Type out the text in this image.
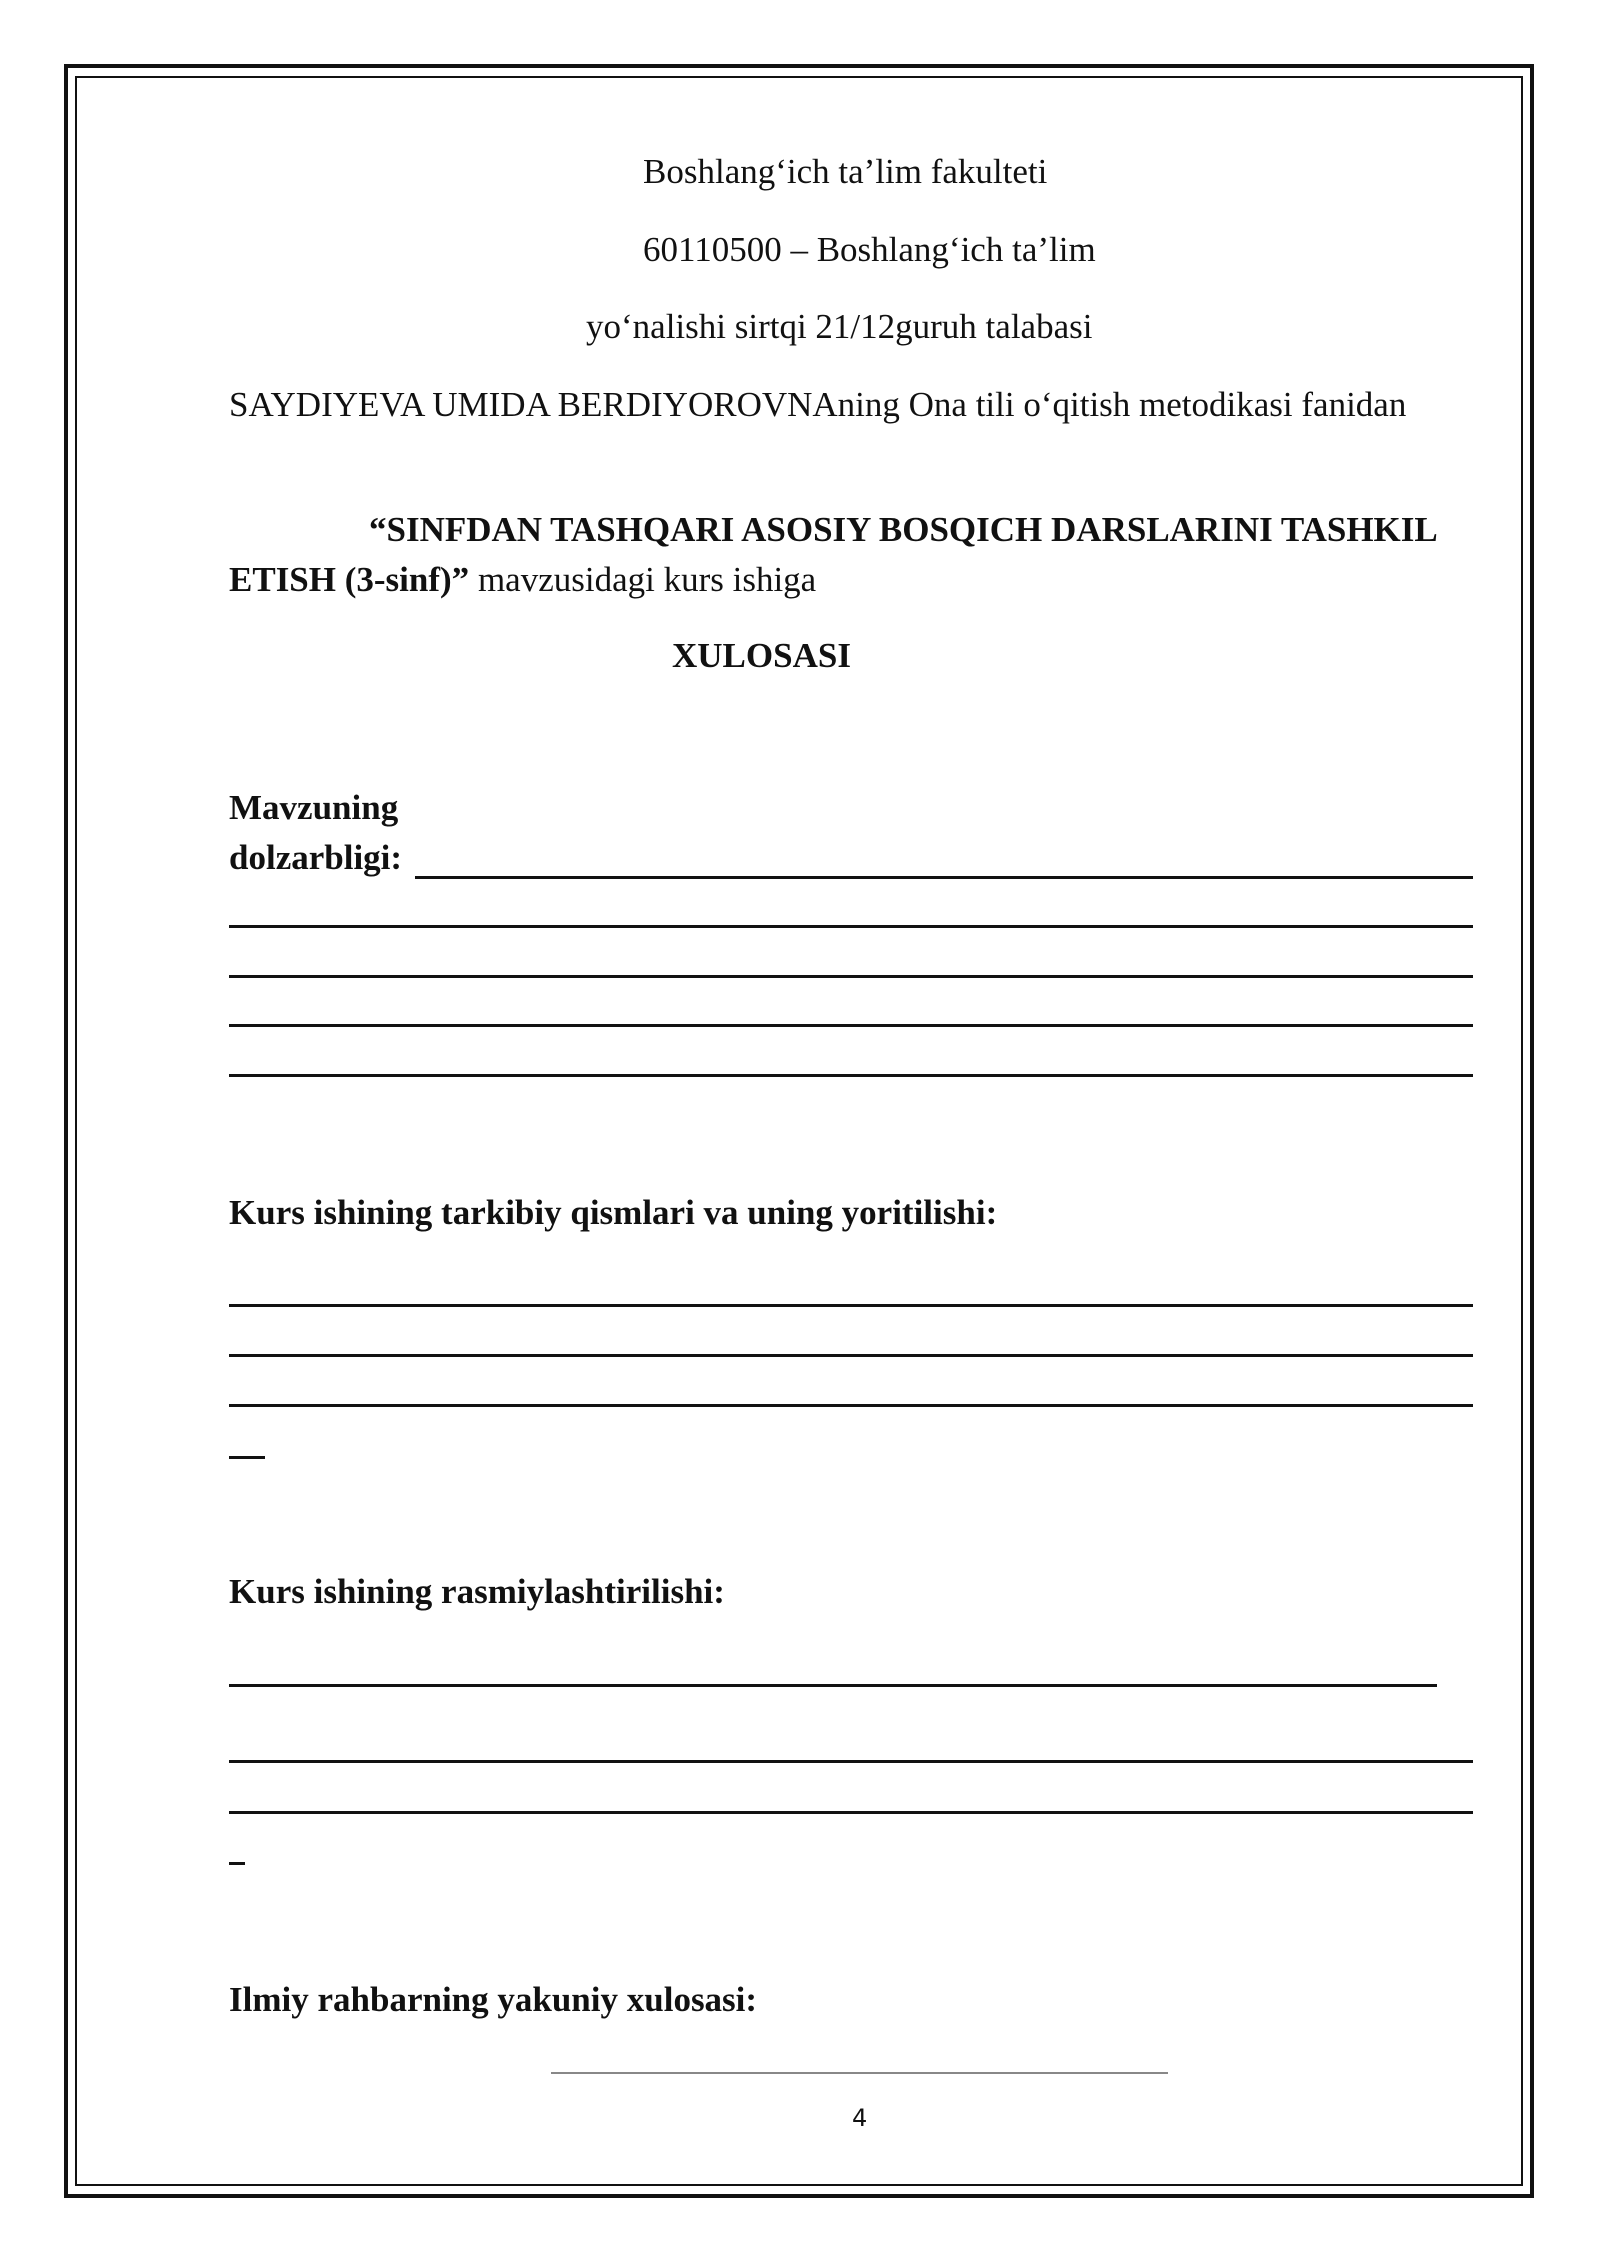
Boshlang‘ich ta’lim fakulteti
60110500 – Boshlang‘ich ta’lim
yo‘nalishi sirtqi 21/12guruh talabasi
SAYDIYEVA UMIDA BERDIYOROVNAning Ona tili o‘qitish metodikasi fanidan
“SINFDAN TASHQARI ASOSIY BOSQICH DARSLARINI TASHKIL ETISH (3-sinf)” mavzusidagi kurs ishiga
XULOSASI
Mavzuning
dolzarbligi:
Kurs ishining tarkibiy qismlari va uning yoritilishi:
Kurs ishining rasmiylashtirilishi:
Ilmiy rahbarning yakuniy xulosasi:
4
